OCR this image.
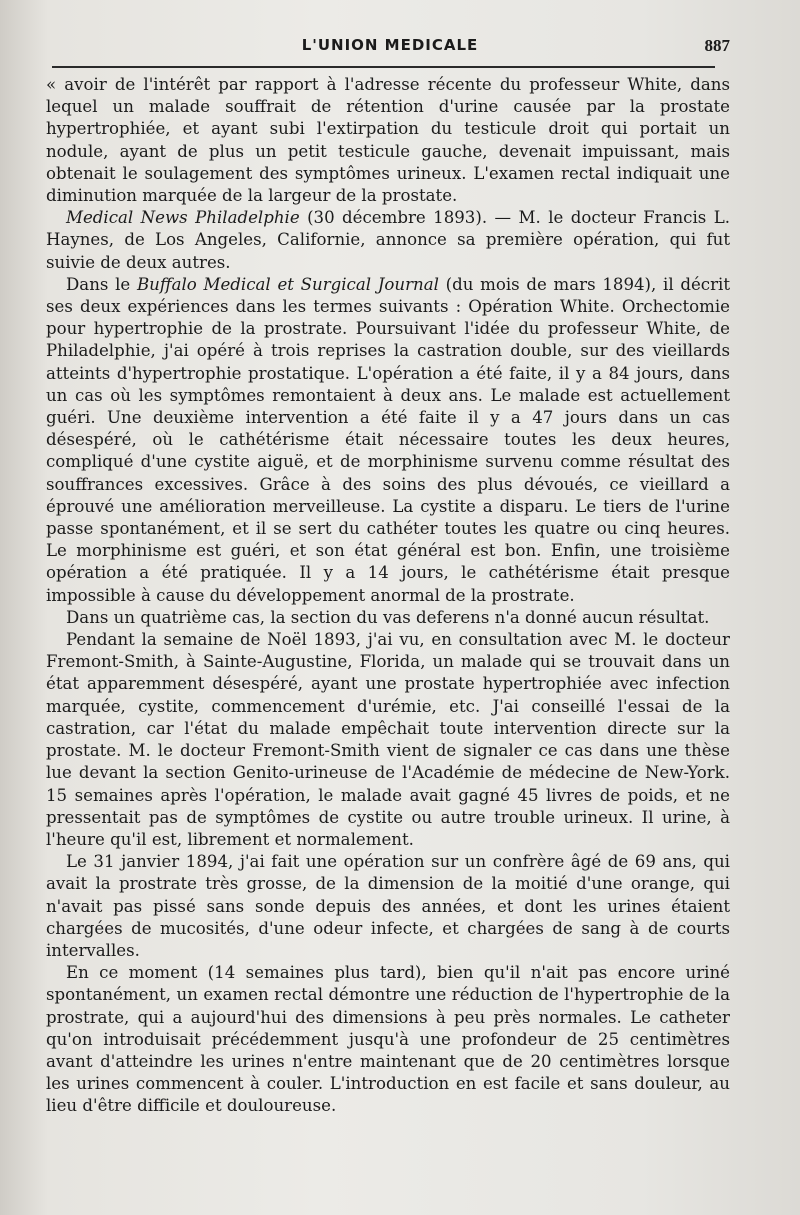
L'UNION MEDICALE	887

« avoir de l'intérêt par rapport à l'adresse récente du professeur White, dans lequel un malade souffrait de rétention d'urine causée par la prostate hypertrophiée, et ayant subi l'extirpation du testicule droit qui portait un nodule, ayant de plus un petit testicule gauche, devenait impuissant, mais obtenait le soulagement des symptômes urineux. L'examen rectal indiquait une diminution marquée de la largeur de la prostate.

Medical News Philadelphie (30 décembre 1893). — M. le docteur Francis L. Haynes, de Los Angeles, Californie, annonce sa première opération, qui fut suivie de deux autres.

Dans le Buffalo Medical et Surgical Journal (du mois de mars 1894), il décrit ses deux expériences dans les termes suivants : Opération White. Orchectomie pour hypertrophie de la prostrate. Poursuivant l'idée du professeur White, de Philadelphie, j'ai opéré à trois reprises la castration double, sur des vieillards atteints d'hypertrophie prostatique. L'opération a été faite, il y a 84 jours, dans un cas où les symptômes remontaient à deux ans. Le malade est actuellement guéri. Une deuxième intervention a été faite il y a 47 jours dans un cas désespéré, où le cathétérisme était nécessaire toutes les deux heures, compliqué d'une cystite aiguë, et de morphinisme survenu comme résultat des souffrances excessives. Grâce à des soins des plus dévoués, ce vieillard a éprouvé une amélioration merveilleuse. La cystite a disparu. Le tiers de l'urine passe spontanément, et il se sert du cathéter toutes les quatre ou cinq heures. Le morphinisme est guéri, et son état général est bon. Enfin, une troisième opération a été pratiquée. Il y a 14 jours, le cathétérisme était presque impossible à cause du développement anormal de la prostrate.

Dans un quatrième cas, la section du vas deferens n'a donné aucun résultat.

Pendant la semaine de Noël 1893, j'ai vu, en consultation avec M. le docteur Fremont-Smith, à Sainte-Augustine, Florida, un malade qui se trouvait dans un état apparemment désespéré, ayant une prostate hypertrophiée avec infection marquée, cystite, commencement d'urémie, etc. J'ai conseillé l'essai de la castration, car l'état du malade empêchait toute intervention directe sur la prostate. M. le docteur Fremont-Smith vient de signaler ce cas dans une thèse lue devant la section Genito-urineuse de l'Académie de médecine de New-York. 15 semaines après l'opération, le malade avait gagné 45 livres de poids, et ne pressentait pas de symptômes de cystite ou autre trouble urineux. Il urine, à l'heure qu'il est, librement et normalement.

Le 31 janvier 1894, j'ai fait une opération sur un confrère âgé de 69 ans, qui avait la prostrate très grosse, de la dimension de la moitié d'une orange, qui n'avait pas pissé sans sonde depuis des années, et dont les urines étaient chargées de mucosités, d'une odeur infecte, et chargées de sang à de courts intervalles.

En ce moment (14 semaines plus tard), bien qu'il n'ait pas encore uriné spontanément, un examen rectal démontre une réduction de l'hypertrophie de la prostrate, qui a aujourd'hui des dimensions à peu près normales. Le catheter qu'on introduisait précédemment jusqu'à une profondeur de 25 centimètres avant d'atteindre les urines n'entre maintenant que de 20 centimètres lorsque les urines commencent à couler. L'introduction en est facile et sans douleur, au lieu d'être difficile et douloureuse.
